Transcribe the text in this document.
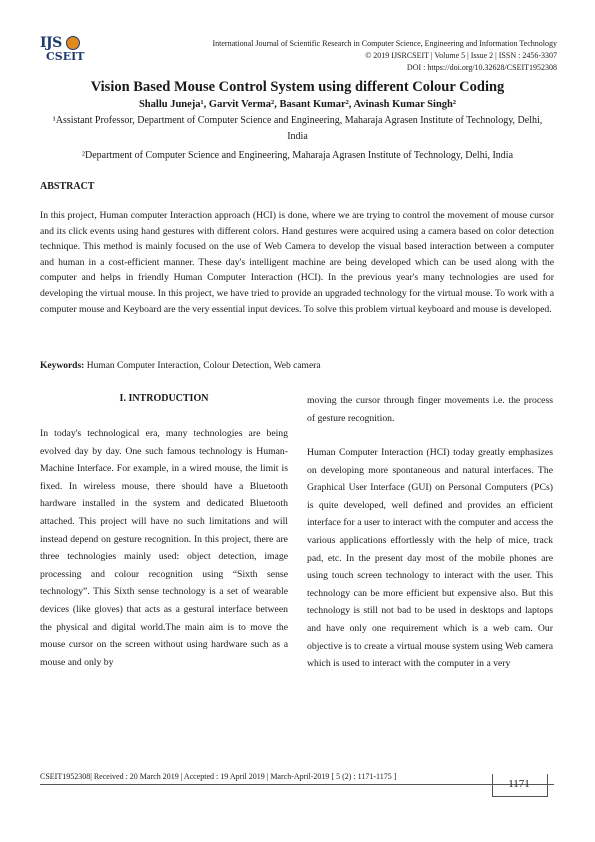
IJS
CSEIT
International Journal of Scientific Research in Computer Science, Engineering and Information Technology
© 2019 IJSRCSEIT | Volume 5 | Issue 2 | ISSN : 2456-3307
DOI : https://doi.org/10.32628/CSEIT1952308
Vision Based Mouse Control System using different Colour Coding
Shallu Juneja¹, Garvit Verma², Basant Kumar², Avinash Kumar Singh²
¹Assistant Professor, Department of Computer Science and Engineering, Maharaja Agrasen Institute of Technology, Delhi, India
²Department of Computer Science and Engineering, Maharaja Agrasen Institute of Technology, Delhi, India
ABSTRACT
In this project, Human computer Interaction approach (HCI) is done, where we are trying to control the movement of mouse cursor and its click events using hand gestures with different colors. Hand gestures were acquired using a camera based on color detection technique. This method is mainly focused on the use of Web Camera to develop the visual based interaction between a computer and human in a cost-efficient manner. These day's intelligent machine are being developed which can be used along with the computer and helps in friendly Human Computer Interaction (HCI). In the previous year's many technologies are used for developing the virtual mouse. In this project, we have tried to provide an upgraded technology for the virtual mouse. To work with a computer mouse and Keyboard are the very essential input devices. To solve this problem virtual keyboard and mouse is developed.
Keywords: Human Computer Interaction, Colour Detection, Web camera
I. INTRODUCTION
In today's technological era, many technologies are being evolved day by day. One such famous technology is Human- Machine Interface. For example, in a wired mouse, the limit is fixed. In wireless mouse, there should have a Bluetooth hardware installed in the system and dedicated Bluetooth attached. This project will have no such limitations and will instead depend on gesture recognition. In this project, there are three technologies mainly used: object detection, image processing and colour recognition using “Sixth sense technology”. This Sixth sense technology is a set of wearable devices (like gloves) that acts as a gestural interface between the physical and digital world.The main aim is to move the mouse cursor on the screen without using hardware such as a mouse and only by
moving the cursor through finger movements i.e. the process of gesture recognition.
Human Computer Interaction (HCI) today greatly emphasizes on developing more spontaneous and natural interfaces. The Graphical User Interface (GUI) on Personal Computers (PCs) is quite developed, well defined and provides an efficient interface for a user to interact with the computer and access the various applications effortlessly with the help of mice, track pad, etc. In the present day most of the mobile phones are using touch screen technology to interact with the user. This technology can be more efficient but expensive also. But this technology is still not bad to be used in desktops and laptops and have only one requirement which is a web cam. Our objective is to create a virtual mouse system using Web camera which is used to interact with the computer in a very
CSEIT1952308| Received : 20 March 2019 | Accepted : 19 April 2019 | March-April-2019 [ 5 (2) : 1171-1175 ]
1171
